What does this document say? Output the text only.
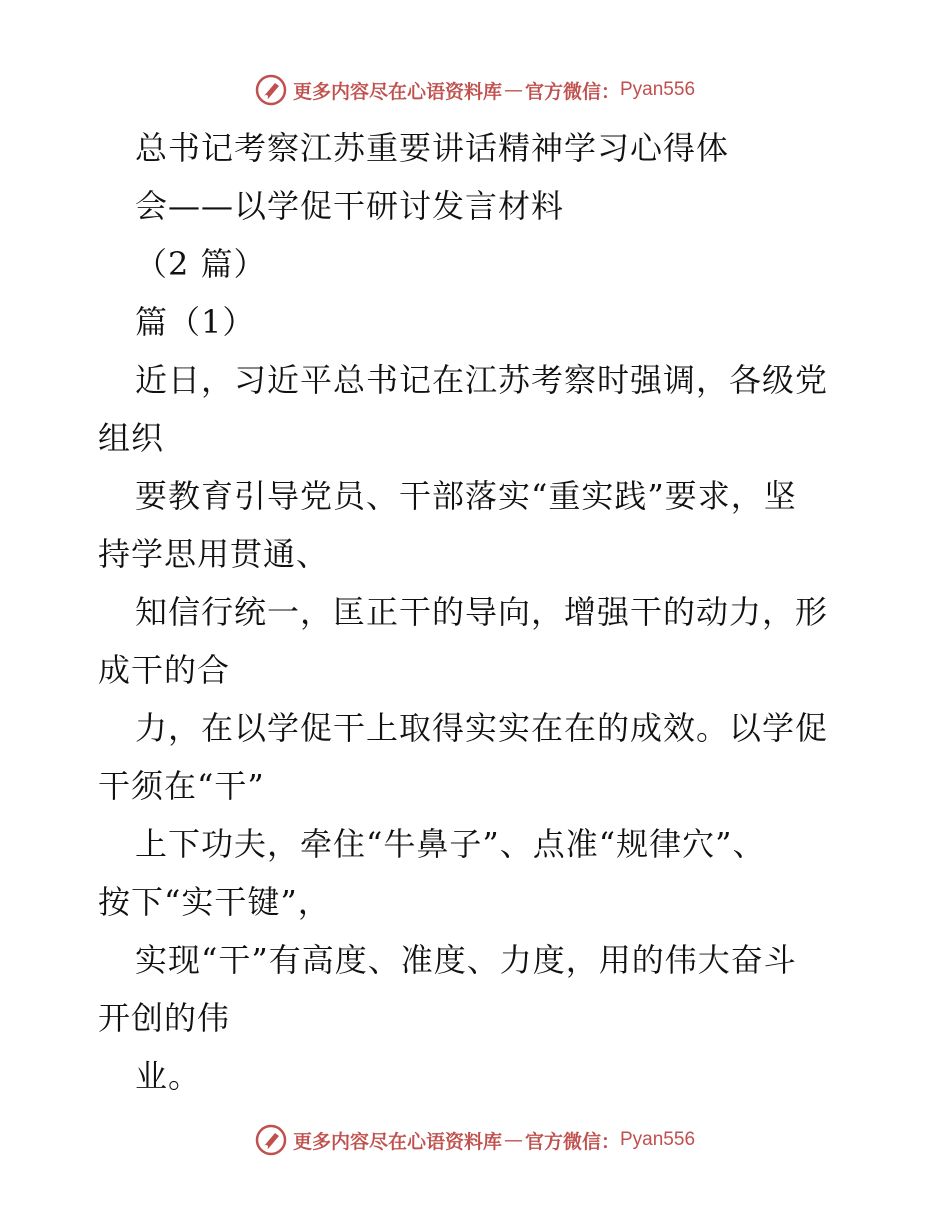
更多内容尽在心语资料库 — 官方微信： Pyan556
总书记考察江苏重要讲话精神学习心得体
会——以学促干研讨发言材料
（2 篇）
篇（1）
近日，习近平总书记在江苏考察时强调，各级党
组织
要教育引导党员、干部落实“重实践”要求，坚
持学思用贯通、
知信行统一，匡正干的导向，增强干的动力，形
成干的合
力，在以学促干上取得实实在在的成效。以学促
干须在“干”
上下功夫，牵住“牛鼻子”、点准“规律穴”、
按下“实干键”，
实现“干”有高度、准度、力度，用的伟大奋斗
开创的伟
业。
更多内容尽在心语资料库 — 官方微信： Pyan556
